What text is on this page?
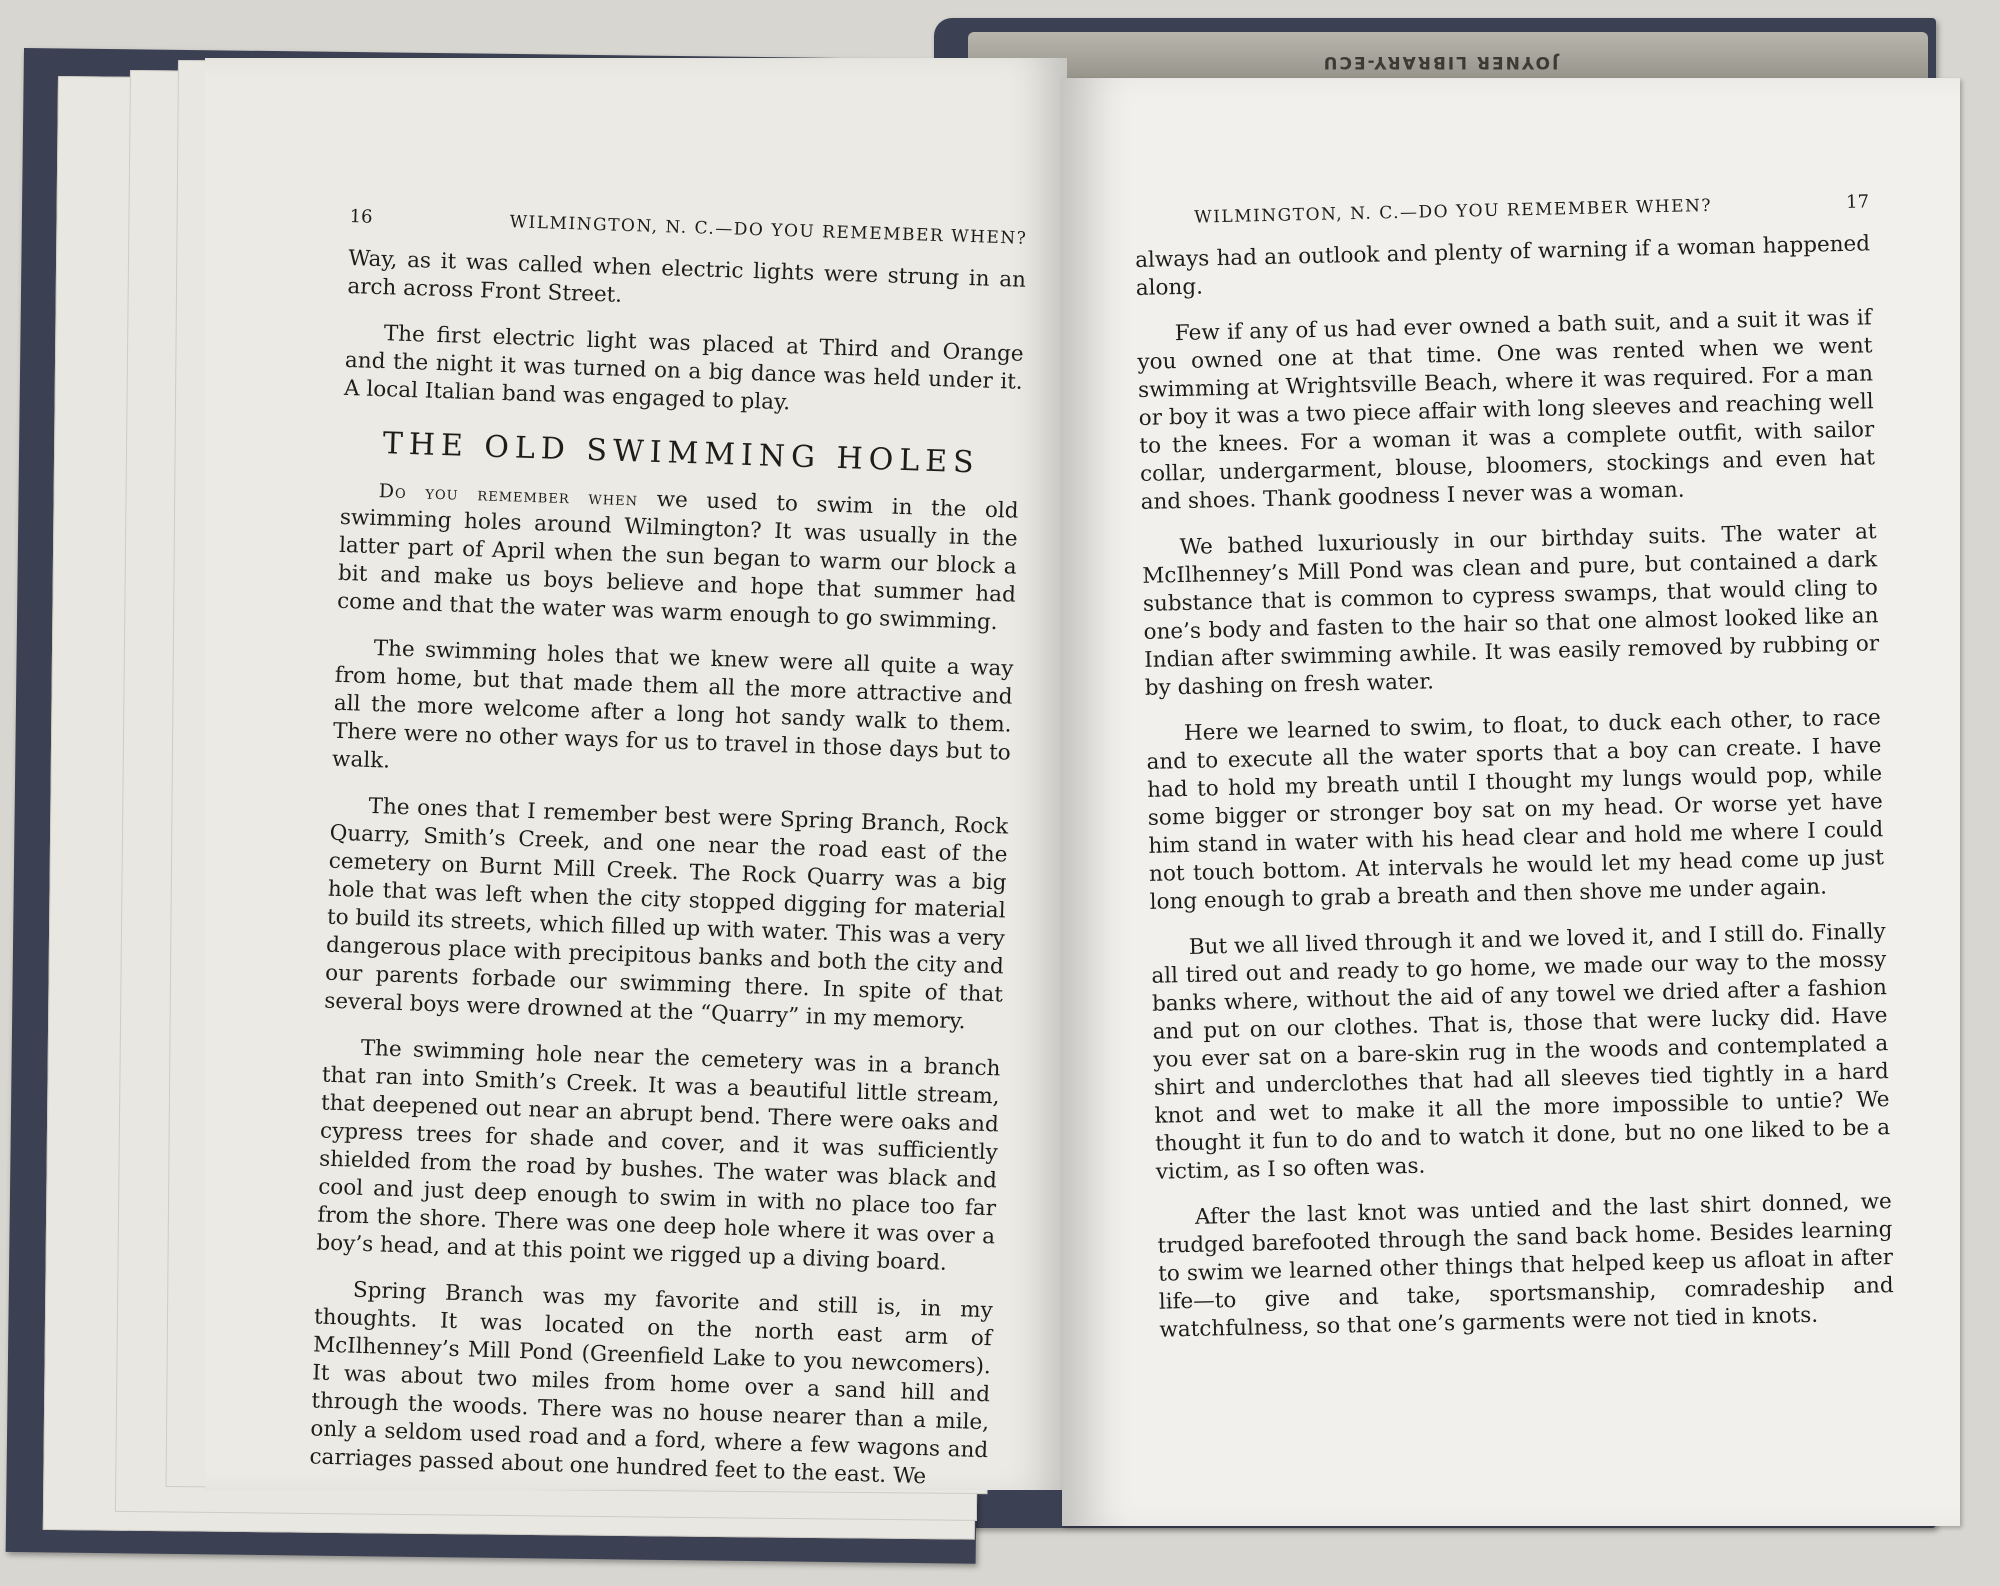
JOYNER LIBRARY-ECU
16	WILMINGTON, N. C.—DO YOU REMEMBER WHEN?

Way, as it was called when electric lights were strung in an arch across Front Street.

The first electric light was placed at Third and Orange and the night it was turned on a big dance was held under it. A local Italian band was engaged to play.

THE OLD SWIMMING HOLES

Do you remember when we used to swim in the old swimming holes around Wilmington? It was usually in the latter part of April when the sun began to warm our block a bit and make us boys believe and hope that summer had come and that the water was warm enough to go swimming.

The swimming holes that we knew were all quite a way from home, but that made them all the more attractive and all the more welcome after a long hot sandy walk to them. There were no other ways for us to travel in those days but to walk.

The ones that I remember best were Spring Branch, Rock Quarry, Smith’s Creek, and one near the road east of the cemetery on Burnt Mill Creek. The Rock Quarry was a big hole that was left when the city stopped digging for material to build its streets, which filled up with water. This was a very dangerous place with precipitous banks and both the city and our parents forbade our swimming there. In spite of that several boys were drowned at the “Quarry” in my memory.

The swimming hole near the cemetery was in a branch that ran into Smith’s Creek. It was a beautiful little stream, that deepened out near an abrupt bend. There were oaks and cypress trees for shade and cover, and it was sufficiently shielded from the road by bushes. The water was black and cool and just deep enough to swim in with no place too far from the shore. There was one deep hole where it was over a boy’s head, and at this point we rigged up a diving board.

Spring Branch was my favorite and still is, in my thoughts. It was located on the north east arm of McIlhenney’s Mill Pond (Greenfield Lake to you newcomers). It was about two miles from home over a sand hill and through the woods. There was no house nearer than a mile, only a seldom used road and a ford, where a few wagons and carriages passed about one hundred feet to the east. We

WILMINGTON, N. C.—DO YOU REMEMBER WHEN?	17

always had an outlook and plenty of warning if a woman happened along.

Few if any of us had ever owned a bath suit, and a suit it was if you owned one at that time. One was rented when we went swimming at Wrightsville Beach, where it was required. For a man or boy it was a two piece affair with long sleeves and reaching well to the knees. For a woman it was a complete outfit, with sailor collar, undergarment, blouse, bloomers, stockings and even hat and shoes. Thank goodness I never was a woman.

We bathed luxuriously in our birthday suits. The water at McIlhenney’s Mill Pond was clean and pure, but contained a dark substance that is common to cypress swamps, that would cling to one’s body and fasten to the hair so that one almost looked like an Indian after swimming awhile. It was easily removed by rubbing or by dashing on fresh water.

Here we learned to swim, to float, to duck each other, to race and to execute all the water sports that a boy can create. I have had to hold my breath until I thought my lungs would pop, while some bigger or stronger boy sat on my head. Or worse yet have him stand in water with his head clear and hold me where I could not touch bottom. At intervals he would let my head come up just long enough to grab a breath and then shove me under again.

But we all lived through it and we loved it, and I still do. Finally all tired out and ready to go home, we made our way to the mossy banks where, without the aid of any towel we dried after a fashion and put on our clothes. That is, those that were lucky did. Have you ever sat on a bare-skin rug in the woods and contemplated a shirt and underclothes that had all sleeves tied tightly in a hard knot and wet to make it all the more impossible to untie? We thought it fun to do and to watch it done, but no one liked to be a victim, as I so often was.

After the last knot was untied and the last shirt donned, we trudged barefooted through the sand back home. Besides learning to swim we learned other things that helped keep us afloat in after life—to give and take, sportsmanship, comradeship and watchfulness, so that one’s garments were not tied in knots.
